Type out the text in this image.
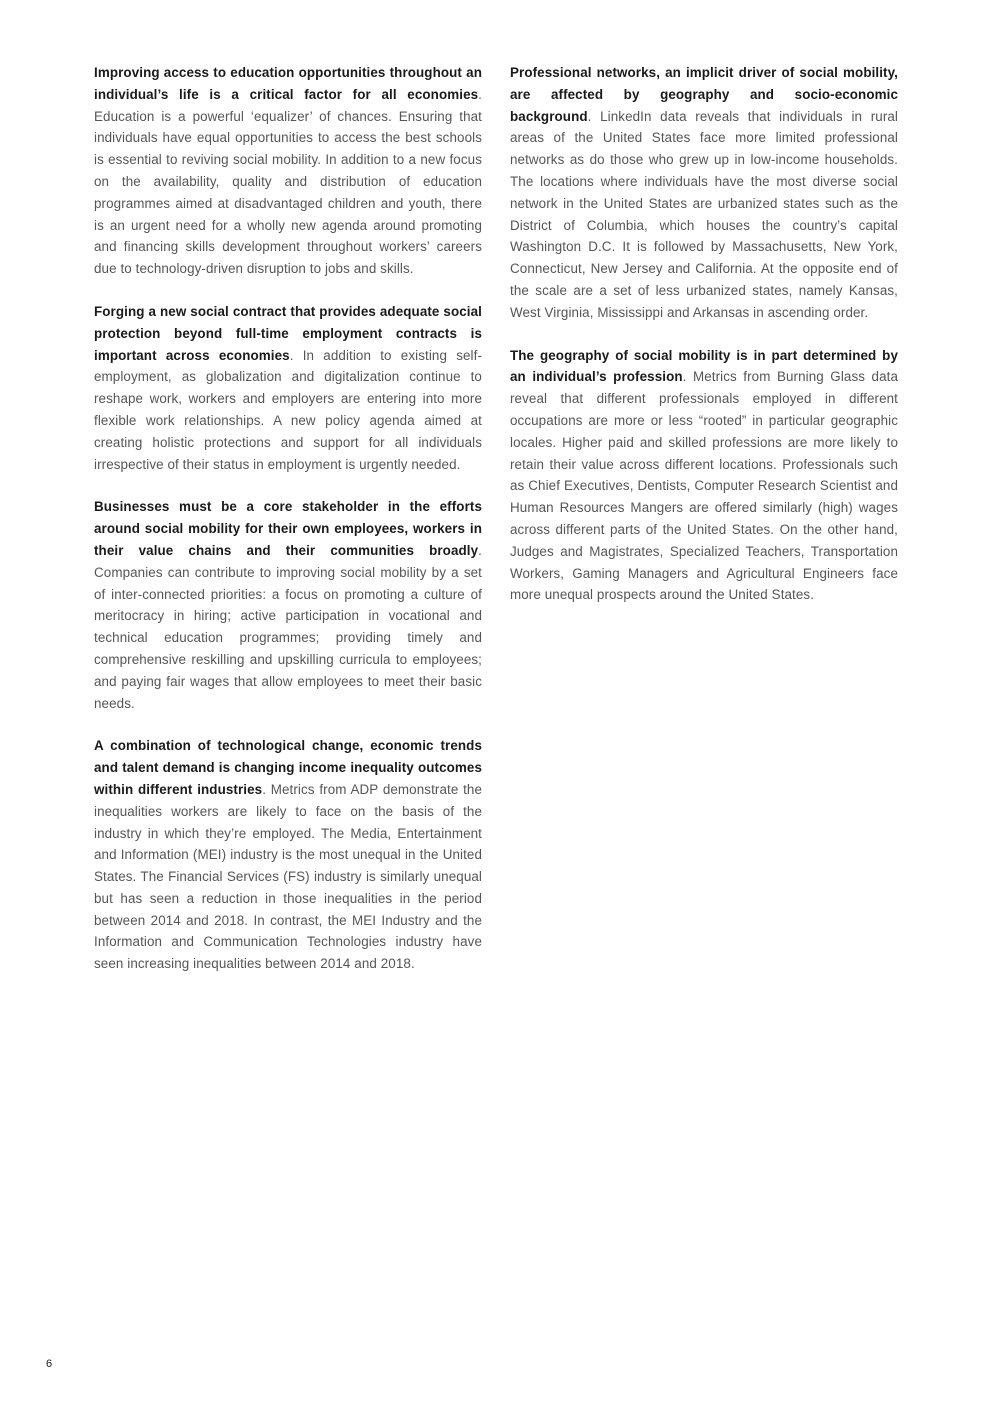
Improving access to education opportunities throughout an individual’s life is a critical factor for all economies. Education is a powerful ‘equalizer’ of chances. Ensuring that individuals have equal opportunities to access the best schools is essential to reviving social mobility. In addition to a new focus on the availability, quality and distribution of education programmes aimed at disadvantaged children and youth, there is an urgent need for a wholly new agenda around promoting and financing skills development throughout workers’ careers due to technology-driven disruption to jobs and skills.

Forging a new social contract that provides adequate social protection beyond full-time employment contracts is important across economies. In addition to existing self-employment, as globalization and digitalization continue to reshape work, workers and employers are entering into more flexible work relationships. A new policy agenda aimed at creating holistic protections and support for all individuals irrespective of their status in employment is urgently needed.

Businesses must be a core stakeholder in the efforts around social mobility for their own employees, workers in their value chains and their communities broadly. Companies can contribute to improving social mobility by a set of inter-connected priorities: a focus on promoting a culture of meritocracy in hiring; active participation in vocational and technical education programmes; providing timely and comprehensive reskilling and upskilling curricula to employees; and paying fair wages that allow employees to meet their basic needs.

A combination of technological change, economic trends and talent demand is changing income inequality outcomes within different industries. Metrics from ADP demonstrate the inequalities workers are likely to face on the basis of the industry in which they’re employed. The Media, Entertainment and Information (MEI) industry is the most unequal in the United States. The Financial Services (FS) industry is similarly unequal but has seen a reduction in those inequalities in the period between 2014 and 2018. In contrast, the MEI Industry and the Information and Communication Technologies industry have seen increasing inequalities between 2014 and 2018.

Professional networks, an implicit driver of social mobility, are affected by geography and socio-economic background. LinkedIn data reveals that individuals in rural areas of the United States face more limited professional networks as do those who grew up in low-income households. The locations where individuals have the most diverse social network in the United States are urbanized states such as the District of Columbia, which houses the country’s capital Washington D.C. It is followed by Massachusetts, New York, Connecticut, New Jersey and California. At the opposite end of the scale are a set of less urbanized states, namely Kansas, West Virginia, Mississippi and Arkansas in ascending order.

The geography of social mobility is in part determined by an individual’s profession. Metrics from Burning Glass data reveal that different professionals employed in different occupations are more or less “rooted” in particular geographic locales. Higher paid and skilled professions are more likely to retain their value across different locations. Professionals such as Chief Executives, Dentists, Computer Research Scientist and Human Resources Mangers are offered similarly (high) wages across different parts of the United States. On the other hand, Judges and Magistrates, Specialized Teachers, Transportation Workers, Gaming Managers and Agricultural Engineers face more unequal prospects around the United States.

6
